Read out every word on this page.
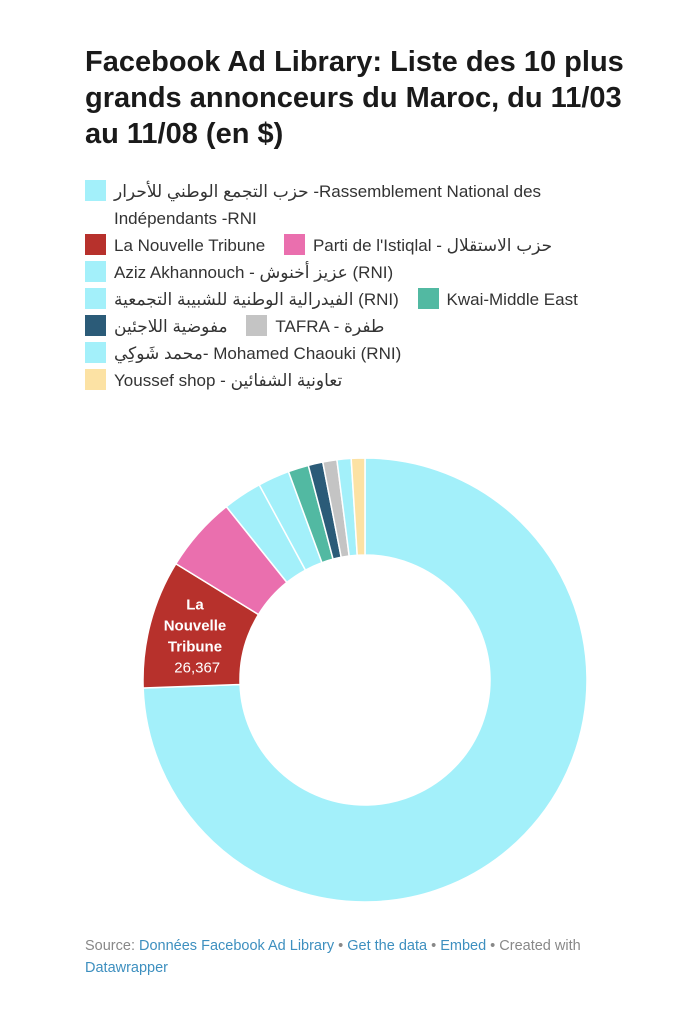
Facebook Ad Library: Liste des 10 plus grands annonceurs du Maroc, du 11/03 au 11/08 (en $)
حزب التجمع الوطني للأحرار -Rassemblement National des Indépendants -RNI
La Nouvelle Tribune	Parti de l'Istiqlal - حزب الاستقلال
Aziz Akhannouch - عزيز أخنوش (RNI)
الفيدرالية الوطنية للشبيبة التجمعية (RNI)	Kwai-Middle East
مفوضية اللاجئين	TAFRA - طفرة
محمد شَوكِي- Mohamed Chaouki (RNI)
Youssef shop - تعاونية الشفائين
La Nouvelle Tribune 26,367
Source: Données Facebook Ad Library • Get the data • Embed • Created with Datawrapper
